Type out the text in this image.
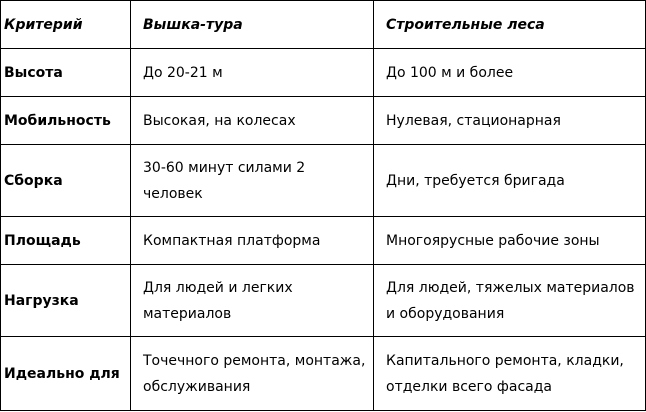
Критерий	Вышка-тура	Строительные леса
Высота	До 20-21 м	До 100 м и более
Мобильность	Высокая, на колесах	Нулевая, стационарная
Сборка	30-60 минут силами 2 человек	Дни, требуется бригада
Площадь	Компактная платформа	Многоярусные рабочие зоны
Нагрузка	Для людей и легких материалов	Для людей, тяжелых материалов и оборудования
Идеально для	Точечного ремонта, монтажа, обслуживания	Капитального ремонта, кладки, отделки всего фасада
